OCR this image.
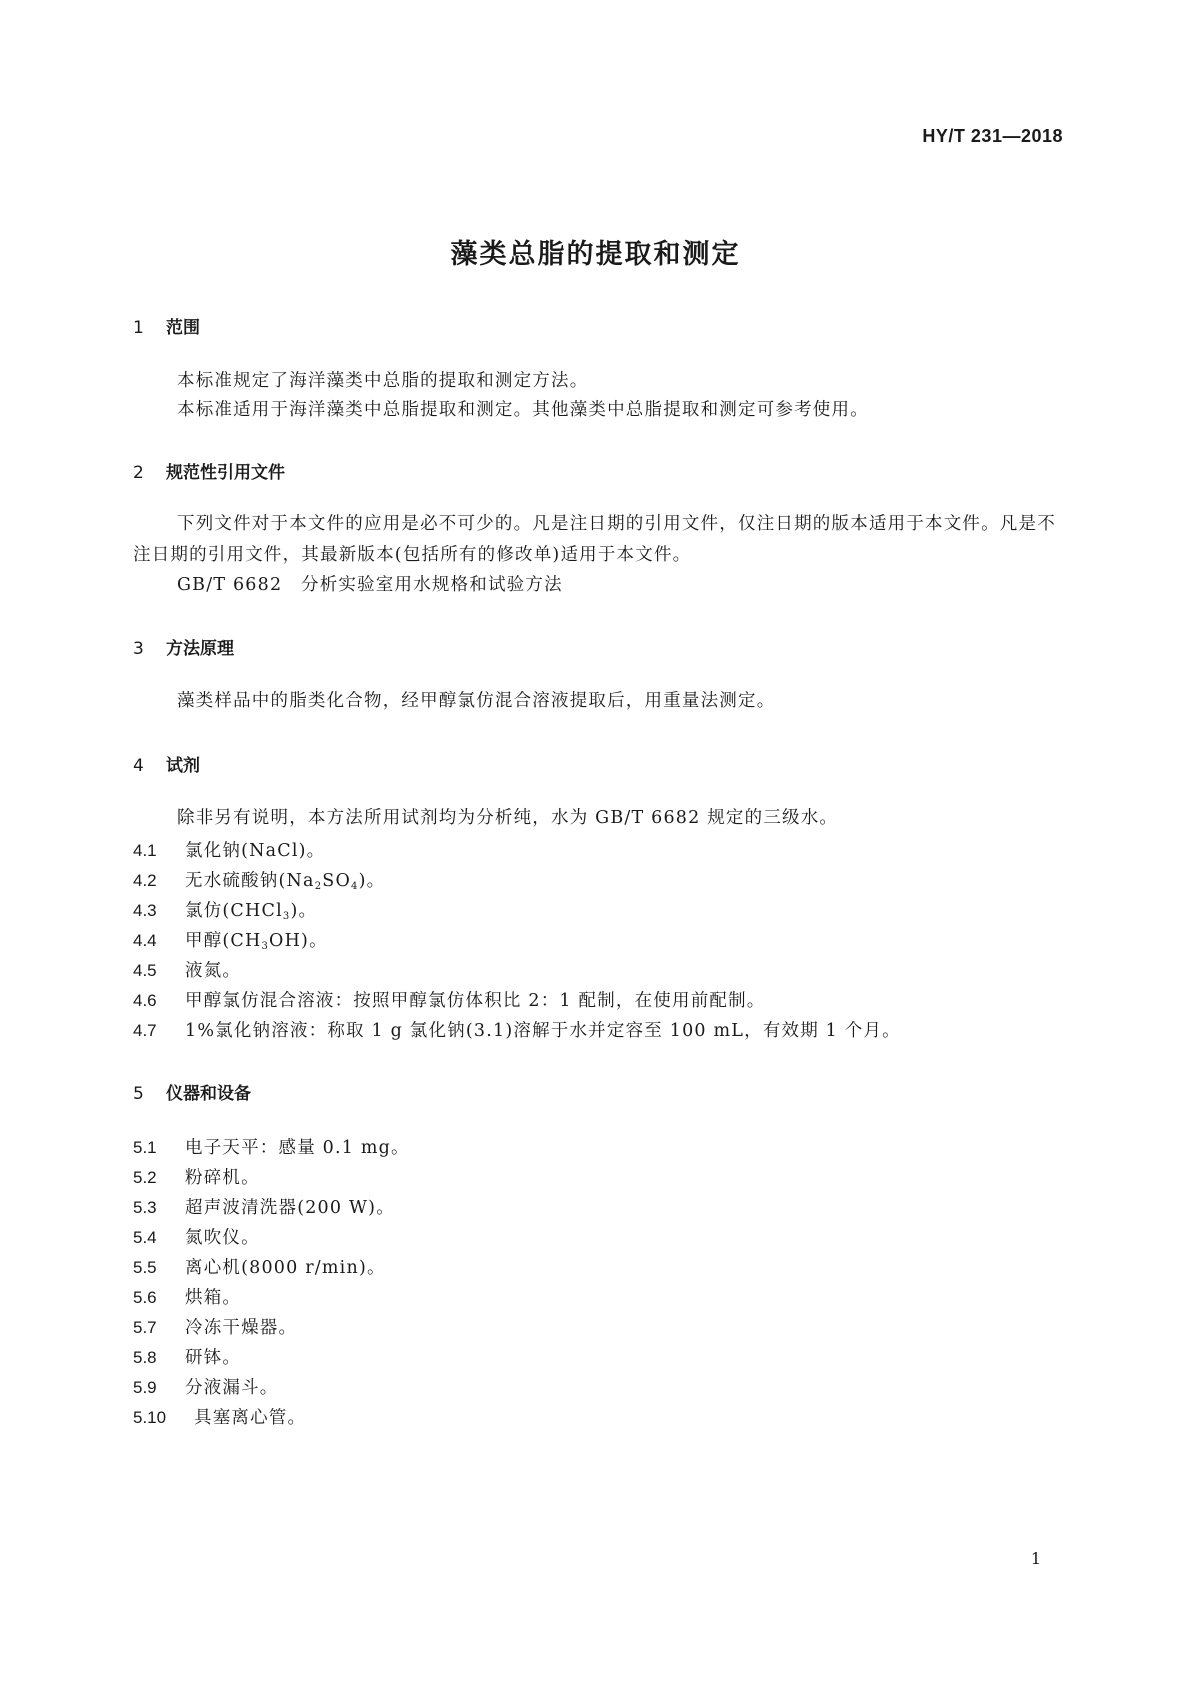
HY/T 231—2018
藻类总脂的提取和测定
1 范围

本标准规定了海洋藻类中总脂的提取和测定方法。

本标准适用于海洋藻类中总脂提取和测定。其他藻类中总脂提取和测定可参考使用。

2 规范性引用文件

下列文件对于本文件的应用是必不可少的。凡是注日期的引用文件，仅注日期的版本适用于本文件。凡是不注日期的引用文件，其最新版本(包括所有的修改单)适用于本文件。

GB/T 6682　分析实验室用水规格和试验方法

3 方法原理

藻类样品中的脂类化合物，经甲醇氯仿混合溶液提取后，用重量法测定。

4 试剂

除非另有说明，本方法所用试剂均为分析纯，水为 GB/T 6682 规定的三级水。

4.1 氯化钠(NaCl)。
4.2 无水硫酸钠$(Na_2SO_4)$。
4.3 氯仿(CHCl$_3$)。
4.4 甲醇$(CH_3OH)$。
4.5 液氮。
4.6 甲醇氯仿混合溶液：按照甲醇氯仿体积比 2：1 配制，在使用前配制。
4.7 1%氯化钠溶液：称取 1 g 氯化钠(3.1)溶解于水并定容至 100 mL，有效期 1 个月。
5 仪器和设备
5.1 电子天平：感量 0.1 mg。
5.2 粉碎机。
5.3 超声波清洗器(200 W)。
5.4 氮吹仪。
5.5 离心机(8000 r/min)。
5.6 烘箱。
5.7 冷冻干燥器。
5.8 研钵。
5.9 分液漏斗。
5.10 具塞离心管。
1
